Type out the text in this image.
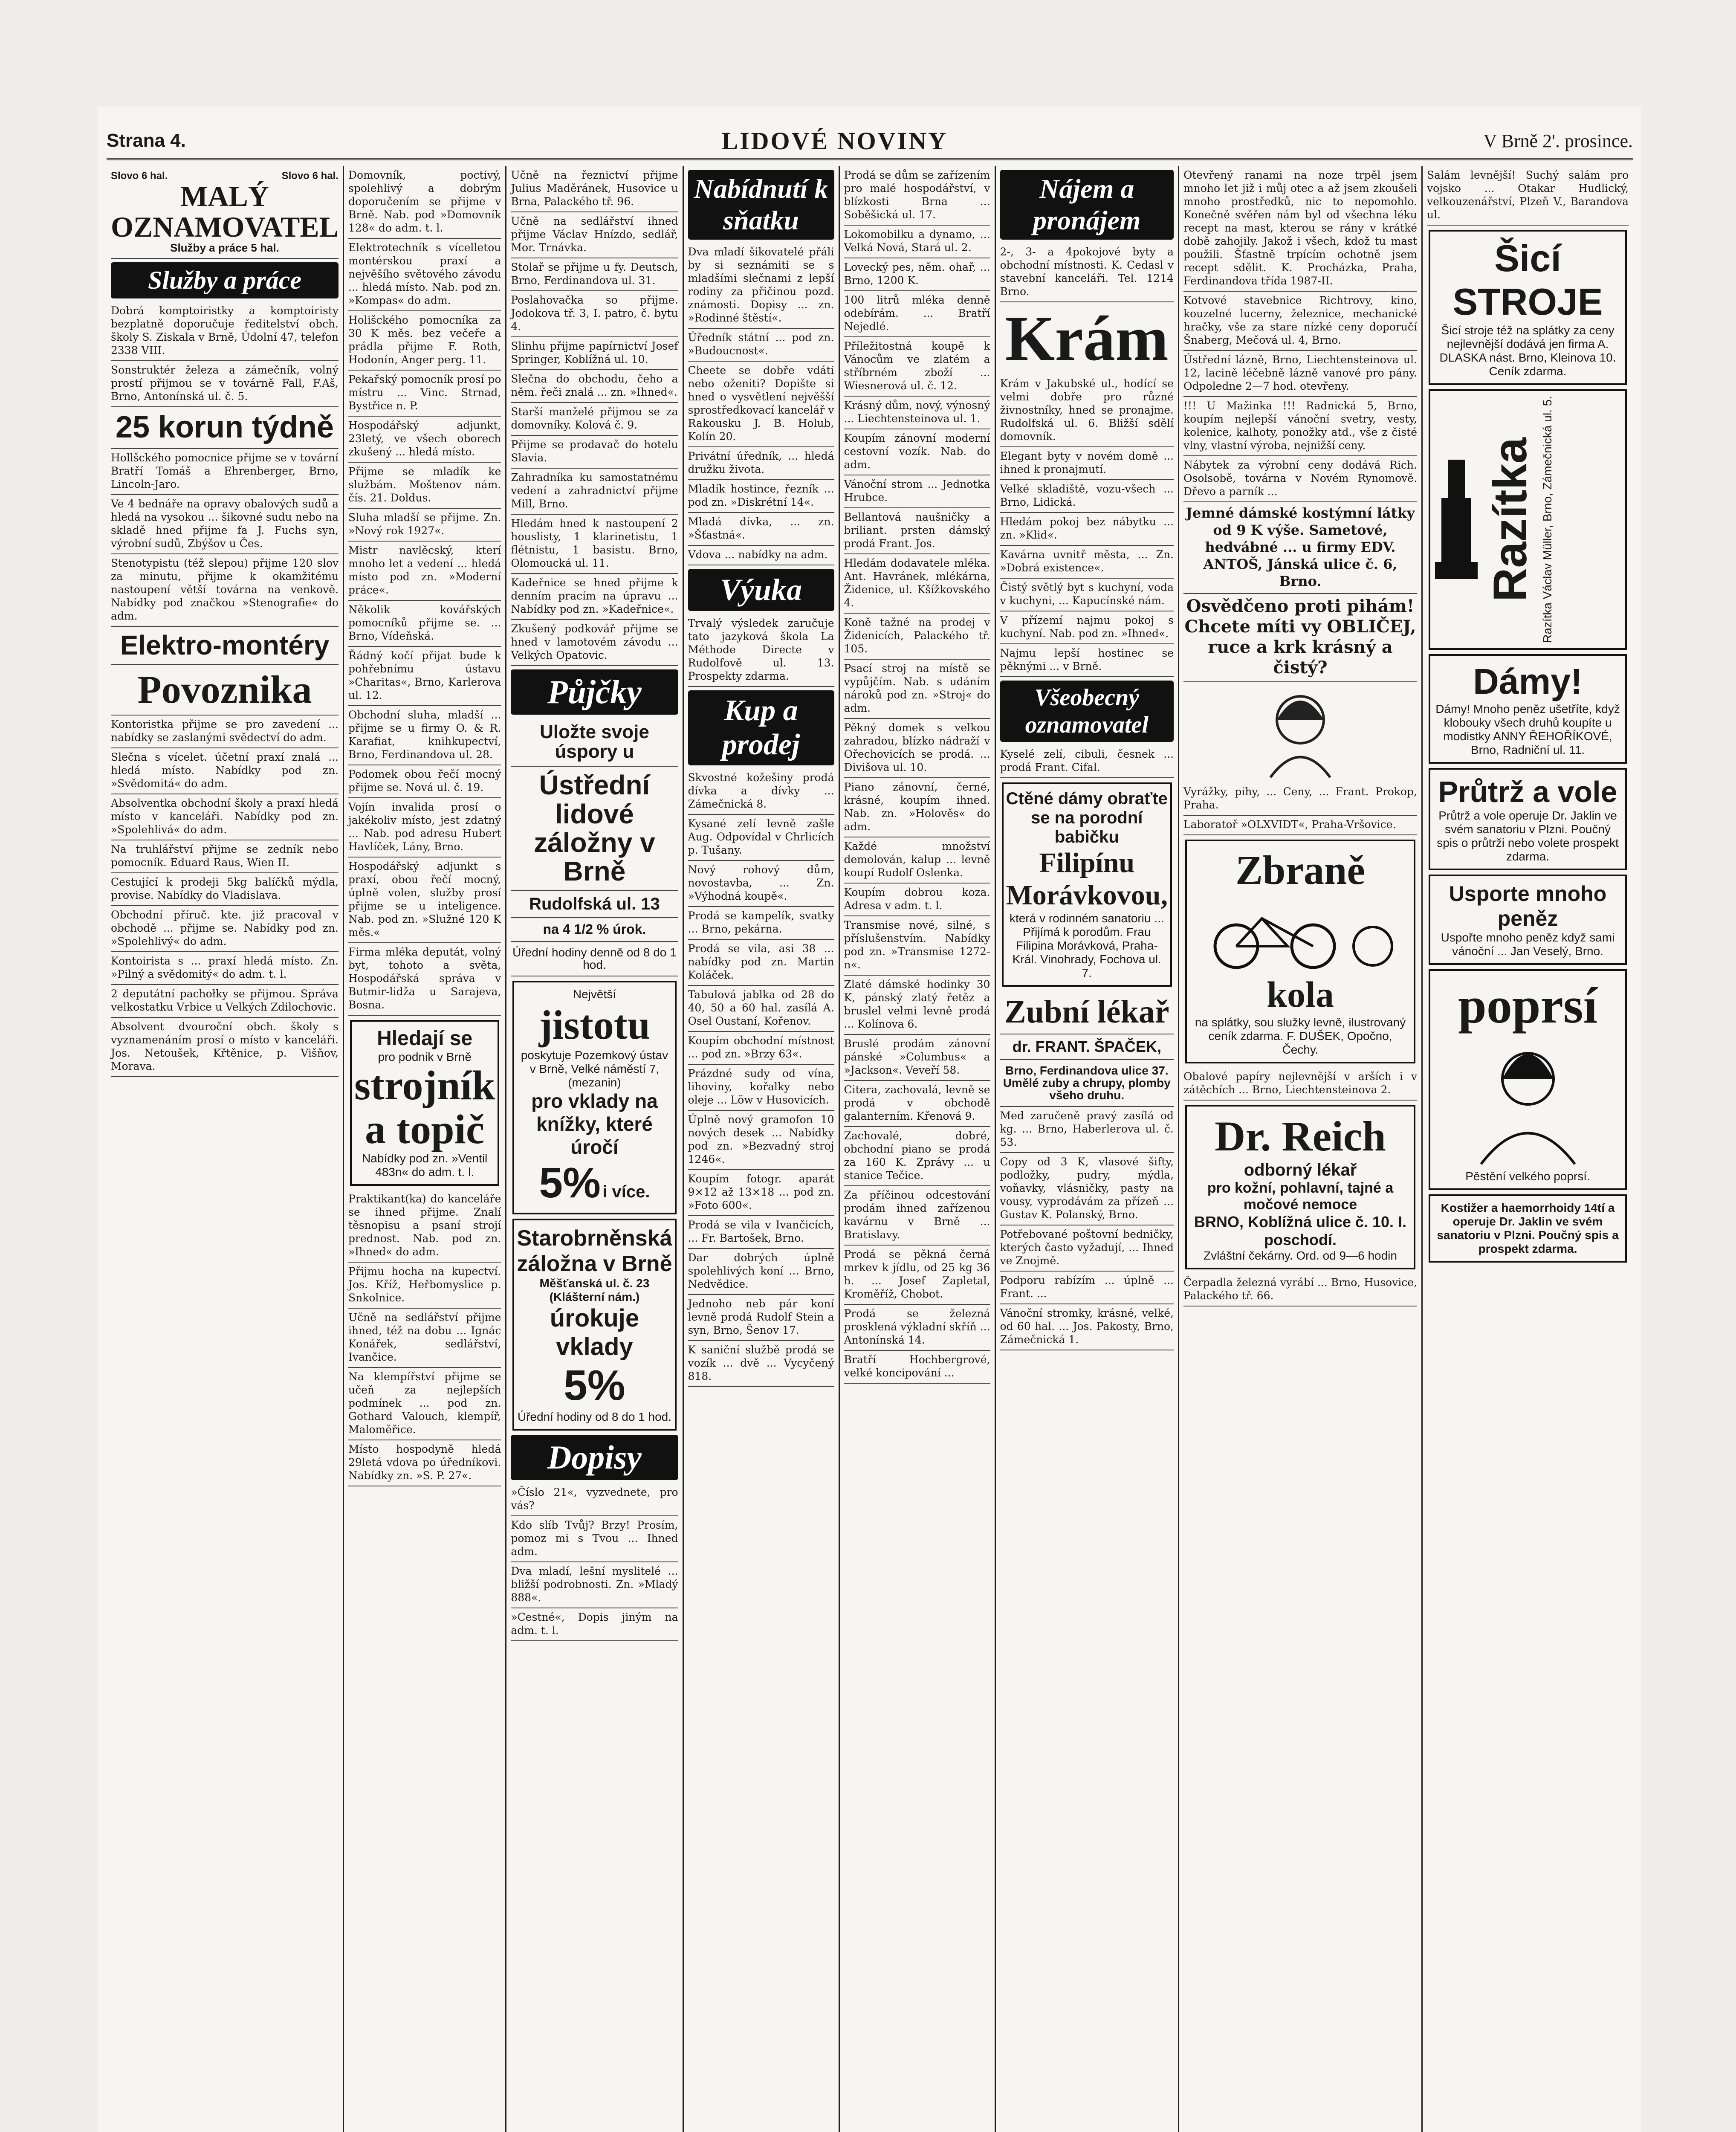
Strana 4.	LIDOVÉ NOVINY	V Brně 2'. prosince.
Slovo 6 hal.	Slovo 6 hal.
MALÝ OZNAMOVATEL
Služby a práce 5 hal.
Služby a práce

Dobrá komptoiristky a komptoiristy bezplatně doporučuje ředitelství obch. školy S. Ziskala v Brně, Údolní 47, telefon 2338 VIII.

Sonstruktér železa a zámečník, volný prostí přijmou se v továrně Fall, F.Aš, Brno, Antonínská ul. č. 5.

25 korun týdně

Hollšckého pomocnice přijme se v tovární Bratří Tomáš a Ehrenberger, Brno, Lincoln-Jaro.

Ve 4 bednáře na opravy obalových sudů a hledá na vysokou ... šikovné sudu nebo na skladě hned přijme fa J. Fuchs syn, výrobní sudů, Zbýšov u Čes.

Stenotypistu (též slepou) přijme 120 slov za minutu, přijme k okamžitému nastoupení větší továrna na venkově. Nabídky pod značkou »Stenografie« do adm.

Elektro-montéry
Povoznika

Kontoristka přijme se pro zavedení ... nabídky se zaslanými svědectví do adm.

Slečna s vícelet. účetní praxí znalá ... hledá místo. Nabídky pod zn. »Svědomitá« do adm.

Absolventka obchodní školy a praxí hledá místo v kanceláři. Nabídky pod zn. »Spolehlivá« do adm.

Na truhlářství přijme se zedník nebo pomocník. Eduard Raus, Wien II.

Cestující k prodeji 5kg balíčků mýdla, provise. Nabídky do Vladislava.

Obchodní příruč. kte. již pracoval v obchodě ... přijme se. Nabídky pod zn. »Spolehlivý« do adm.

Kontoirista s ... praxí hledá místo. Zn. »Pilný a svědomitý« do adm. t. l.

2 deputátní pachołky se přijmou. Správa velkostatku Vrbice u Velkých Zdilochovic.

Absolvent dvouroční obch. školy s vyznamenáním prosí o místo v kanceláři. Jos. Netoušek, Křtěnice, p. Višňov, Morava.

Domovník, poctivý, spolehlivý a dobrým doporučením se přijme v Brně. Nab. pod »Domovník 128« do adm. t. l.

Elektrotechník s vícelletou montérskou praxí a nejvěšího světového závodu ... hledá místo. Nab. pod zn. »Kompas« do adm.

Holišckého pomocníka za 30 K měs. bez večeře a prádla přijme F. Roth, Hodonín, Anger perg. 11.

Pekařský pomocník prosí po místru ... Vinc. Strnad, Bystřice n. P.

Hospodářský adjunkt, 23letý, ve všech oborech zkušený ... hledá místo.

Přijme se mladík ke službám. Moštenov nám. čís. 21. Doldus.

Sluha mladší se přijme. Zn. »Nový rok 1927«.

Mistr navlěcský, kterí mnoho let a vedení ... hledá místo pod zn. »Moderní práce«.

Několik kovářských pomocníků přijme se. ... Brno, Vídeňská.

Řádný kočí přijat bude k pohřebnímu ústavu »Charitas«, Brno, Karlerova ul. 12.

Obchodní sluha, mladší ... přijme se u firmy O. & R. Karafiat, knihkupectví, Brno, Ferdinandova ul. 28.

Podomek obou řečí mocný přijme se. Nová ul. č. 19.

Vojín invalida prosí o jakékoliv místo, jest zdatný ... Nab. pod adresu Hubert Havlíček, Lány, Brno.

Hospodářský adjunkt s praxí, obou řečí mocný, úplně volen, služby prosí přijme se u inteligence. Nab. pod zn. »Služné 120 K měs.«

Firma mléka deputát, volný byt, tohoto a světa, Hospodářská správa v Butmir-lidža u Sarajeva, Bosna.

Hledají se
pro podnik v Brně
strojník a topič
Nabídky pod zn. »Ventil 483n« do adm. t. l.

Praktikant(ka) do kanceláře se ihned přijme. Znalí těsnopisu a psaní strojí prednost. Nab. pod zn. »Ihned« do adm.

Přijmu hocha na kupectví. Jos. Kříž, Heřbomyslice p. Snkolnice.

Učně na sedlářství přijme ihned, též na dobu ... Ignác Konářek, sedlářství, Ivančice.

Na klempířství přijme se učeň za nejlepších podmínek ... pod zn. Gothard Valouch, klempíř, Maloměřice.

Místo hospodyně hledá 29letá vdova po úředníkovi. Nabídky zn. »S. P. 27«.

Učně na řeznictví přijme Julius Maděránek, Husovice u Brna, Palackého tř. 96.

Učně na sedlářství ihned přijme Václav Hnízdo, sedlář, Mor. Trnávka.

Stolař se přijme u fy. Deutsch, Brno, Ferdinandova ul. 31.

Poslahovačka so přijme. Jodokova tř. 3, I. patro, č. bytu 4.

Slinhu přijme papírnictví Josef Springer, Koblížná ul. 10.

Slečna do obchodu, čeho a něm. řeči znalá ... zn. »Ihned«.

Starší manželé přijmou se za domovníky. Kolová č. 9.

Přijme se prodavač do hotelu Slavia.

Zahradníka ku samostatnému vedení a zahradnictví přijme Mill, Brno.

Hledám hned k nastoupení 2 houslisty, 1 klarinetistu, 1 flétnistu, 1 basistu. Brno, Olomoucká ul. 11.

Kadeřnice se hned přijme k denním pracím na úpravu ... Nabídky pod zn. »Kadeřnice«.

Zkušený podkovář přijme se hned v lamotovém závodu ... Velkých Opatovic.

Půjčky
Uložte svoje úspory u
Ústřední lidové záložny v Brně
Rudolfská ul. 13
na 4 1/2 % úrok.
Úřední hodiny denně od 8 do 1 hod.
Největší
jistotu
poskytuje Pozemkový ústav v Brně, Velké náměstí 7, (mezanin)
pro vklady na knížky, které úročí
5% i více.
Starobrněnská záložna v Brně
Měšťanská ul. č. 23 (Klášterní nám.)
úrokuje vklady
5%
Úřední hodiny od 8 do 1 hod.
Dopisy

»Číslo 21«, vyzvednete, pro vás?

Kdo slíb Tvůj? Brzy! Prosím, pomoz mi s Tvou ... Ihned adm.

Dva mladí, lešní myslitelé ... bližší podrobnosti. Zn. »Mladý 888«.

»Cestné«, Dopis jiným na adm. t. l.

Nabídnutí k sňatku

Dva mladí šikovatelé přáli by si seznámiti se s mladšími slečnami z lepší rodiny za přičinou pozd. známosti. Dopisy ... zn. »Rodinné štěstí«.

Úředník státní ... pod zn. »Budoucnost«.

Cheete se dobře vdáti nebo oženiti? Dopište si hned o vysvětlení nejvěšší sprostředkovací kancelář v Rakousku J. B. Holub, Kolín 20.

Privátní úředník, ... hledá družku života.

Mladík hostince, řezník ... pod zn. »Diskrétní 14«.

Mladá dívka, ... zn. »Šťastná«.

Vdova ... nabídky na adm.

Výuka

Trvalý výsledek zaručuje tato jazyková škola La Méthode Directe v Rudolfově ul. 13. Prospekty zdarma.

Kup a prodej

Skvostné kožešiny prodá dívka a dívky ... Zámečnická 8.

Kysané zelí levně zašle Aug. Odpovídal v Chrlicích p. Tušany.

Nový rohový dům, novostavba, ... Zn. »Výhodná koupě«.

Prodá se kampelík, svatky ... Brno, pekárna.

Prodá se vila, asi 38 ... nabídky pod zn. Martin Koláček.

Tabulová jablka od 28 do 40, 50 a 60 hal. zasílá A. Osel Oustaní, Kořenov.

Koupím obchodní místnost ... pod zn. »Brzy 63«.

Prázdné sudy od vína, lihoviny, kořalky nebo oleje ... Löw v Husovicích.

Úplně nový gramofon 10 nových desek ... Nabídky pod zn. »Bezvadný stroj 1246«.

Koupím fotogr. aparát 9×12 až 13×18 ... pod zn. »Foto 600«.

Prodá se vila v Ivančicích, ... Fr. Bartošek, Brno.

Dar dobrých úplně spolehlivých koní ... Brno, Nedvědice.

Jednoho neb pár koní levně prodá Rudolf Stein a syn, Brno, Šenov 17.

K saniční službě prodá se vozík ... dvě ... Vycyčený 818.

Prodá se dům se zařízením pro malé hospodářství, v blízkosti Brna ... Soběšická ul. 17.

Lokomobilku a dynamo, ... Velká Nová, Stará ul. 2.

Lovecký pes, něm. ohař, ... Brno, 1200 K.

100 litrů mléka denně odebírám. ... Bratří Nejedlé.

Příležitostná koupě k Vánocům ve zlatém a stříbrném zboží ... Wiesnerová ul. č. 12.

Krásný dům, nový, výnosný ... Liechtensteinova ul. 1.

Koupím zánovní moderní cestovní vozík. Nab. do adm.

Vánoční strom ... Jednotka Hrubce.

Bellantová naušničky a briliant. prsten dámský prodá Frant. Jos.

Hledám dodavatele mléka. Ant. Havránek, mlékárna, Židenice, ul. Kšížkovského 4.

Koně tažné na prodej v Židenicích, Palackého tř. 105.

Psací stroj na místě se vypůjčím. Nab. s udáním nároků pod zn. »Stroj« do adm.

Pěkný domek s velkou zahradou, blízko nádraží v Ořechovicích se prodá. ... Divišova ul. 10.

Piano zánovní, černé, krásné, koupím ihned. Nab. zn. »Holověs« do adm.

Každé množství demolován, kalup ... levně koupí Rudolf Oslenka.

Koupím dobrou koza. Adresa v adm. t. l.

Transmise nové, silné, s příslušenstvím. Nabídky pod zn. »Transmise 1272-n«.

Zlaté dámské hodinky 30 K, pánský zlatý řetěz a bruslel velmi levně prodá ... Kolínova 6.

Bruslé prodám zánovní pánské »Columbus« a »Jackson«. Veveří 58.

Citera, zachovalá, levně se prodá v obchodě galanterním. Křenová 9.

Zachovalé, dobré, obchodní piano se prodá za 160 K. Zprávy ... u stanice Tečice.

Za příčinou odcestování prodám ihned zařízenou kavárnu v Brně ... Bratislavy.

Prodá se pěkná černá mrkev k jídlu, od 25 kg 36 h. ... Josef Zapletal, Kroměříž, Chobot.

Prodá se železná prosklená výkladní skříň ... Antonínská 14.

Bratří Hochbergrové, velké koncipování ...

Nájem a pronájem

2-, 3- a 4pokojové byty a obchodní místnosti. K. Cedasl v stavební kanceláři. Tel. 1214 Brno.

Krám

Krám v Jakubské ul., hodící se velmi dobře pro různé živnostníky, hned se pronajme. Rudolfská ul. 6. Bližší sdělí domovník.

Elegant byty v novém domě ... ihned k pronajmutí.

Velké skladiště, vozu-všech ... Brno, Lidická.

Hledám pokoj bez nábytku ... zn. »Klid«.

Kavárna uvnitř města, ... Zn. »Dobrá existence«.

Čistý světlý byt s kuchyní, voda v kuchyni, ... Kapucínské nám.

V přízemí najmu pokoj s kuchyní. Nab. pod zn. »Ihned«.

Najmu lepší hostinec se pěknými ... v Brně.

Všeobecný oznamovatel

Kyselé zelí, cibuli, česnek ... prodá Frant. Cifal.

Ctěné dámy obraťte se na porodní babičku
Filipínu Morávkovou,
která v rodinném sanatoriu ... Přijímá k porodům. Frau Filipina Morávková, Praha-Král. Vinohrady, Fochova ul. 7.
Zubní lékař
dr. FRANT. ŠPAČEK,
Brno, Ferdinandova ulice 37. Umělé zuby a chrupy, plomby všeho druhu.

Med zaručeně pravý zasílá od kg. ... Brno, Haberlerova ul. č. 53.

Copy od 3 K, vlasové šifty, podložky, pudry, mýdla, voňavky, vlásničky, pasty na vousy, vyprodávám za přízeň ... Gustav K. Polanský, Brno.

Potřebované poštovní bedničky, kterých často vyžadují, ... Ihned ve Znojmě.

Podporu rabízím ... úplně ... Frant. ...

Vánoční stromky, krásné, velké, od 60 hal. ... Jos. Pakosty, Brno, Zámečnická 1.

Otevřený ranami na noze trpěl jsem mnoho let již i můj otec a až jsem zkoušeli mnoho prostředků, nic to nepomohlo. Konečně svěřen nám byl od všechna léku recept na mast, kterou se rány v krátké době zahojily. Jakož i všech, kdož tu mast použili. Šťastně trpícím ochotně jsem recept sdělit. K. Procházka, Praha, Ferdinandova třída 1987-II.

Kotvové stavebnice Richtrovy, kino, kouzelné lucerny, železnice, mechanické hračky, vše za stare nízké ceny doporučí Šnaberg, Mečová ul. 4, Brno.

Ústřední lázně, Brno, Liechtensteinova ul. 12, lacině léčebně lázně vanové pro pány. Odpoledne 2—7 hod. otevřeny.

!!! U Mažinka !!! Radnická 5, Brno, koupím nejlepší vánoční svetry, vesty, kolenice, kalhoty, ponožky atd., vše z čisté vlny, vlastní výroba, nejnižší ceny.

Nábytek za výrobní ceny dodává Rich. Osolsobě, továrna v Novém Rynomově. Dřevo a parník ...

Jemné dámské kostýmní látky od 9 K výše. Sametové, hedvábné ... u firmy EDV. ANTOŠ, Jánská ulice č. 6, Brno.

Osvědčeno proti pihám! Chcete míti vy OBLIČEJ, ruce a krk krásný a čistý?

Vyrážky, pihy, ... Ceny, ... Frant. Prokop, Praha.

Laboratoř »OLXVIDT«, Praha-Vršovice.

Zbraně
kola
na splátky, sou služky levně, ilustrovaný ceník zdarma. F. DUŠEK, Opočno, Čechy.

Obalové papíry nejlevnější v arších i v zátěchích ... Brno, Liechtensteinova 2.

Dr. Reich
odborný lékař
pro kožní, pohlavní, tajné a močové nemoce
BRNO, Koblížná ulice č. 10. I. poschodí.
Zvláštní čekárny. Ord. od 9—6 hodin

Čerpadla železná vyrábí ... Brno, Husovice, Palackého tř. 66.

Salám levnější! Suchý salám pro vojsko ... Otakar Hudlický, velkouzenářství, Plzeň V., Barandova ul.

Šicí STROJE
Šicí stroje též na splátky za ceny nejlevnější dodává jen firma A. DLASKA nást. Brno, Kleinova 10. Ceník zdarma.
Razítka Razítka Václav Müller, Brno, Zámečnická ul. 5.
Dámy!
Dámy! Mnoho peněz ušetříte, když klobouky všech druhů koupíte u modistky ANNY ŘEHOŘÍKOVÉ, Brno, Radniční ul. 11.
Průtrž a vole
Průtrž a vole operuje Dr. Jaklin ve svém sanatoriu v Plzni. Poučný spis o průtrži nebo volete prospekt zdarma.
Usporte mnoho peněz
Uspořte mnoho peněz když sami vánoční ... Jan Veselý, Brno.
poprsí
Pěstění velkého poprsí.
Kostižer a haemorrhoidy 14tí a operuje Dr. Jaklin ve svém sanatoriu v Plzni. Poučný spis a prospekt zdarma.
